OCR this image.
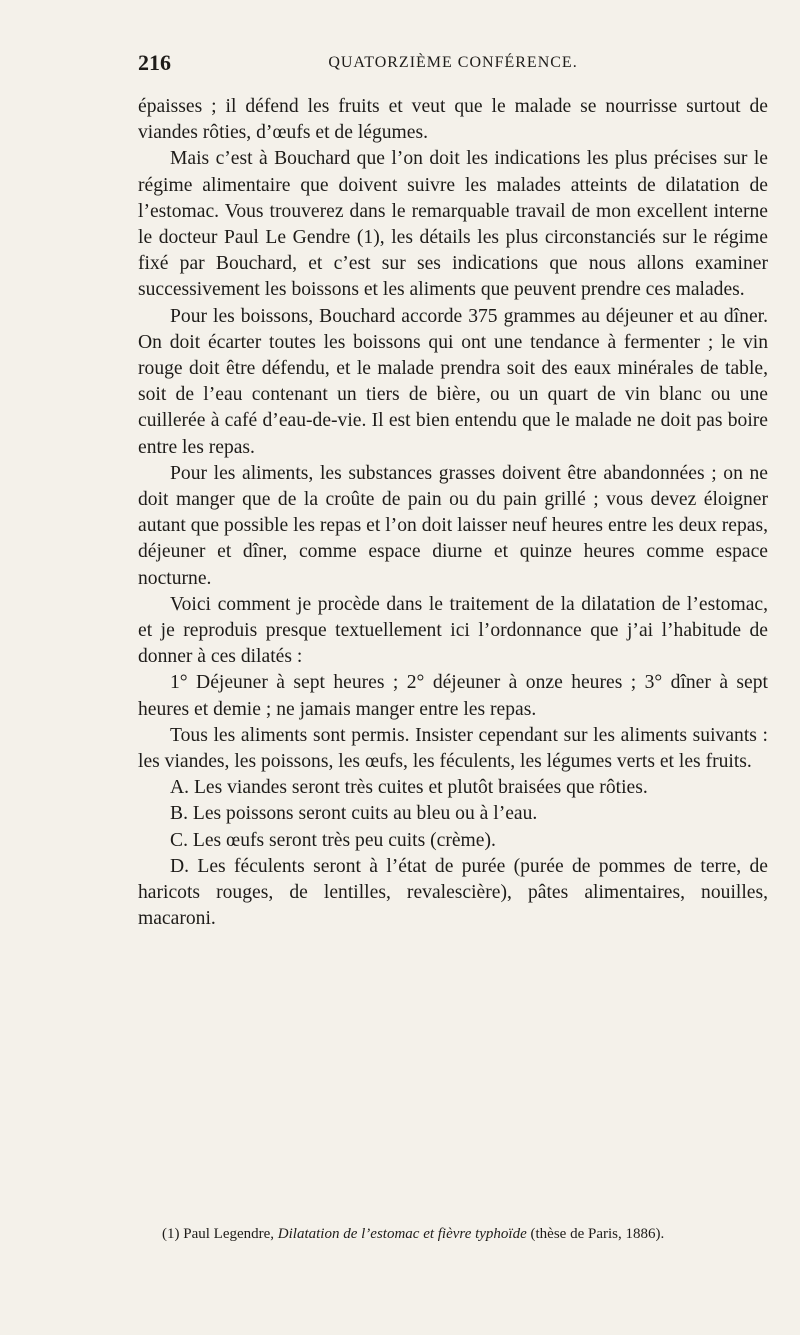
216	QUATORZIÈME CONFÉRENCE.

épaisses ; il défend les fruits et veut que le malade se nourrisse surtout de viandes rôties, d’œufs et de légumes.

Mais c’est à Bouchard que l’on doit les indications les plus précises sur le régime alimentaire que doivent suivre les malades atteints de dilatation de l’estomac. Vous trouverez dans le remarquable travail de mon excellent interne le docteur Paul Le Gendre (1), les détails les plus circonstanciés sur le régime fixé par Bouchard, et c’est sur ses indications que nous allons examiner successivement les boissons et les aliments que peuvent prendre ces malades.

Pour les boissons, Bouchard accorde 375 grammes au déjeuner et au dîner. On doit écarter toutes les boissons qui ont une tendance à fermenter ; le vin rouge doit être défendu, et le malade prendra soit des eaux minérales de table, soit de l’eau contenant un tiers de bière, ou un quart de vin blanc ou une cuillerée à café d’eau-de-vie. Il est bien entendu que le malade ne doit pas boire entre les repas.

Pour les aliments, les substances grasses doivent être abandonnées ; on ne doit manger que de la croûte de pain ou du pain grillé ; vous devez éloigner autant que possible les repas et l’on doit laisser neuf heures entre les deux repas, déjeuner et dîner, comme espace diurne et quinze heures comme espace nocturne.

Voici comment je procède dans le traitement de la dilatation de l’estomac, et je reproduis presque textuellement ici l’ordonnance que j’ai l’habitude de donner à ces dilatés :

1° Déjeuner à sept heures ; 2° déjeuner à onze heures ; 3° dîner à sept heures et demie ; ne jamais manger entre les repas.

Tous les aliments sont permis. Insister cependant sur les aliments suivants : les viandes, les poissons, les œufs, les féculents, les légumes verts et les fruits.

A. Les viandes seront très cuites et plutôt braisées que rôties.

B. Les poissons seront cuits au bleu ou à l’eau.

C. Les œufs seront très peu cuits (crème).

D. Les féculents seront à l’état de purée (purée de pommes de terre, de haricots rouges, de lentilles, revalescière), pâtes alimentaires, nouilles, macaroni.

(1) Paul Legendre, Dilatation de l’estomac et fièvre typhoïde (thèse de Paris, 1886).
